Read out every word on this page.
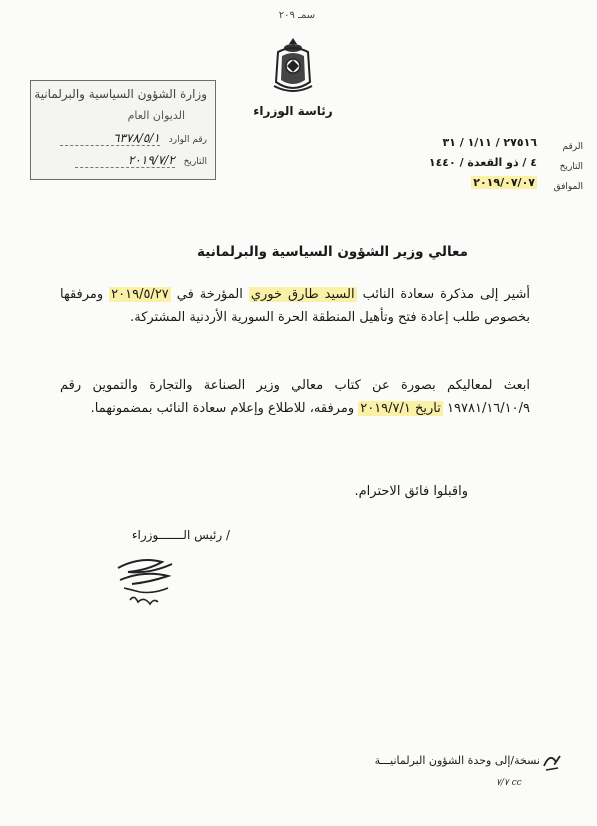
سمـ ٢٠٩
رئاسة الوزراء
وزارة الشؤون السياسية والبرلمانية
الديوان العام
رقم الوارد ٦٣٧٨/٥/١
التاريخ ٢٠١٩/٧/٢
الرقم
٢٧٥١٦ / ١/١١ / ٣١
التاريخ
٤ / ذو القعدة / ١٤٤٠
الموافق
٢٠١٩/٠٧/٠٧
معالي وزير الشؤون السياسية والبرلمانية
أشير إلى مذكرة سعادة النائب السيد طارق خوري المؤرخة في ٢٠١٩/٥/٢٧ ومرفقها بخصوص طلب إعادة فتح وتأهيل المنطقة الحرة السورية الأردنية المشتركة.
ابعث لمعاليكم بصورة عن كتاب معالي وزير الصناعة والتجارة والتموين رقم ١٩٧٨١/١٦/١٠/٩ تاريخ ٢٠١٩/٧/١ ومرفقه، للاطلاع وإعلام سعادة النائب بمضمونهما.
واقبلوا فائق الاحترام.
/ رئيس الـــــــوزراء
نسخة/إلى وحدة الشؤون البرلمانيـــة
٧/٧ cc
